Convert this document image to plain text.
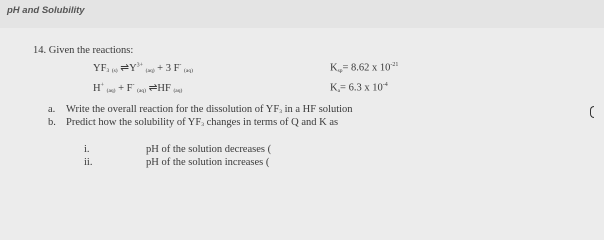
pH and Solubility
14. Given the reactions:
YF3 (s) $\rightleftharpoons Y^{3+}$ (aq) + 3 F- (aq)	Ksp= 8.62 x $10^{-21}$
H+ (aq) + F- (aq) ⇌HF (aq)	Ka= 6.3 x $10^{-4}$
a. Write the overall reaction for the dissolution of YF3 in a HF solution
b. Predict how the solubility of YF3 changes in terms of Q and K as
i.	pH of the solution decreases (
ii.	pH of the solution increases (
